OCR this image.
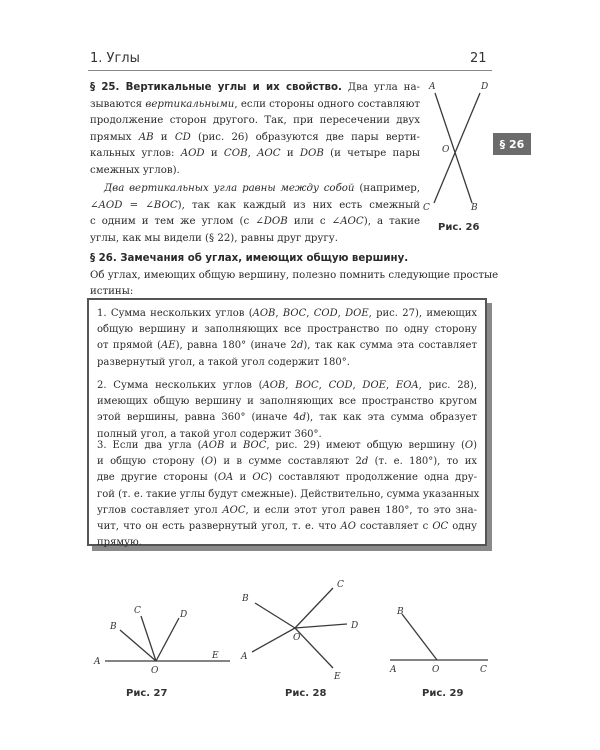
1. Углы	21
§ 26
§ 25. Вертикальные углы и их свойство. Два угла на-
зываются вертикальными, если стороны одного составляют
продолжение сторон другого. Так, при пересечении двух
прямых AB и CD (рис. 26) образуются две пары верти-
кальных углов: AOD и COB, AOC и DOB (и четыре пары
смежных углов).
Два вертикальных угла равны между собой (например,
∠AOD = ∠BOC), так как каждый из них есть смежный
с одним и тем же углом (с ∠DOB или с ∠AOC), а такие
углы, как мы видели (§ 22), равны друг другу.
A	D
O
C	B
Рис. 26
§ 26. Замечания об углах, имеющих общую вершину.
Об углах, имеющих общую вершину, полезно помнить следующие простые
истины:
1. Сумма нескольких углов (AOB, BOC, COD, DOE, рис. 27), имеющих
общую вершину и заполняющих все пространство по одну сторону
от прямой (AE), равна 180° (иначе 2d), так как сумма эта составляет
развернутый угол, а такой угол содержит 180°.
2. Сумма нескольких углов (AOB, BOC, COD, DOE, EOA, рис. 28),
имеющих общую вершину и заполняющих все пространство кругом
этой вершины, равна 360° (иначе 4d), так как эта сумма образует
полный угол, а такой угол содержит 360°.
3. Если два угла (AOB и BOC, рис. 29) имеют общую вершину (O)
и общую сторону (O) и в сумме составляют 2d (т. е. 180°), то их
две другие стороны (OA и OC) составляют продолжение одна дру-
гой (т. е. такие углы будут смежные). Действительно, сумма указанных
углов составляет угол AOC, и если этот угол равен 180°, то это зна-
чит, что он есть развернутый угол, т. е. что AO составляет с OC одну
прямую.
A
B
C	D
E
O
Рис. 27
B
C
D
O
A
E
Рис. 28
B
A	O	C
Рис. 29
